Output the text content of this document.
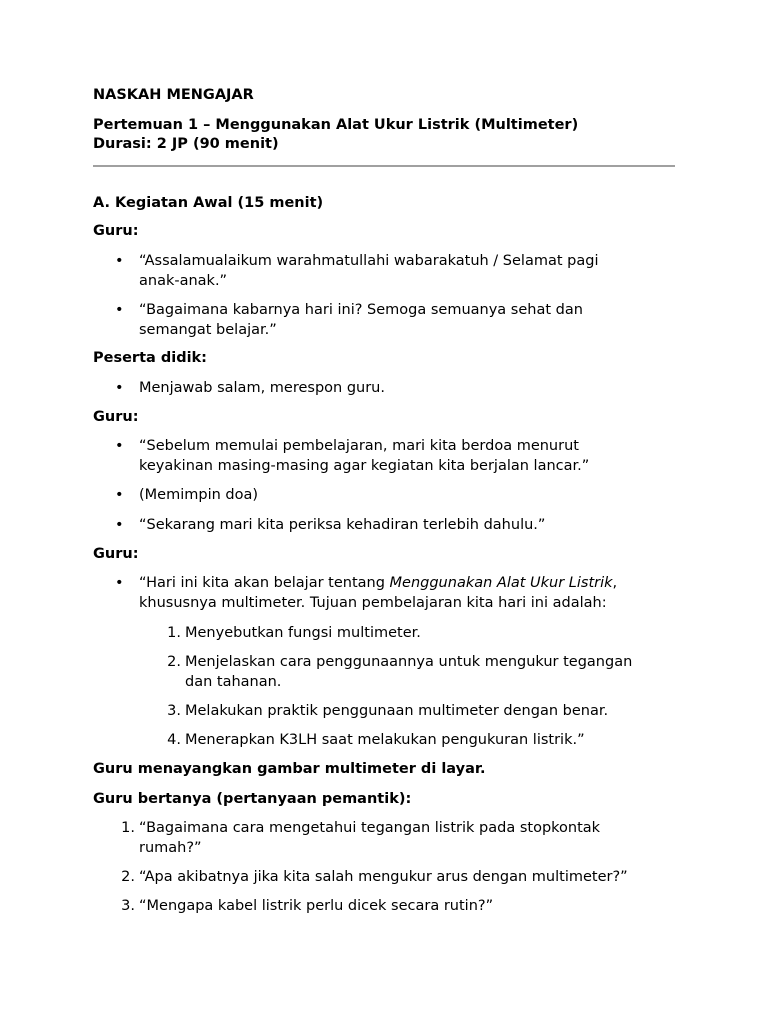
NASKAH MENGAJAR

Pertemuan 1 – Menggunakan Alat Ukur Listrik (Multimeter)

Durasi: 2 JP (90 menit)

A. Kegiatan Awal (15 menit)

Guru:

•	“Assalamualaikum warahmatullahi wabarakatuh / Selamat pagi
anak-anak.”
•	“Bagaimana kabarnya hari ini? Semoga semuanya sehat dan
semangat belajar.”

Peserta didik:

•	Menjawab salam, merespon guru.

Guru:

•	“Sebelum memulai pembelajaran, mari kita berdoa menurut
keyakinan masing-masing agar kegiatan kita berjalan lancar.”
•	(Memimpin doa)
•	“Sekarang mari kita periksa kehadiran terlebih dahulu.”

Guru:

•	“Hari ini kita akan belajar tentang Menggunakan Alat Ukur Listrik,
khususnya multimeter. Tujuan pembelajaran kita hari ini adalah:
1. Menyebutkan fungsi multimeter.
2. Menjelaskan cara penggunaannya untuk mengukur tegangan
dan tahanan.
3. Melakukan praktik penggunaan multimeter dengan benar.
4. Menerapkan K3LH saat melakukan pengukuran listrik.”

Guru menayangkan gambar multimeter di layar.

Guru bertanya (pertanyaan pemantik):

1. “Bagaimana cara mengetahui tegangan listrik pada stopkontak
rumah?”
2. “Apa akibatnya jika kita salah mengukur arus dengan multimeter?”
3. “Mengapa kabel listrik perlu dicek secara rutin?”
